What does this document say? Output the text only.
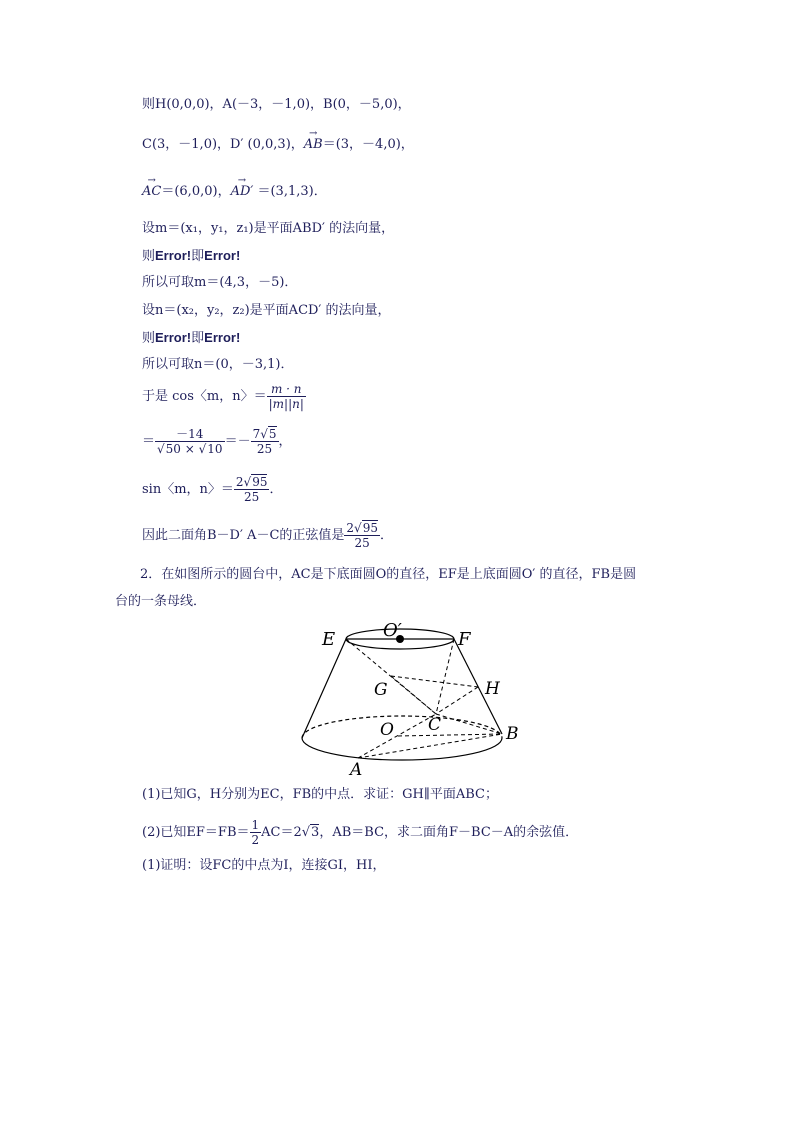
则H(0,0,0)，A(－3，－1,0)，B(0，－5,0)，
C(3，－1,0)，D′ (0,0,3)，→ AB＝(3，－4,0)，
→ AC＝(6,0,0)，→ AD′ ＝(3,1,3)．
设m＝(x₁，y₁，z₁)是平面ABD′ 的法向量，
则Error!即Error!
所以可取m＝(4,3，－5)．
设n＝(x₂，y₂，z₂)是平面ACD′ 的法向量，
则Error!即Error!
所以可取n＝(0，－3,1)．
于是 cos〈m，n〉＝ $\frac{m \cdot n}{|m||n|}$
＝ $\frac{-14}{√50 \times √10} =- \frac{7√5}{25}$ ，
sin〈m，n〉＝ $\frac{2√95}{25}$ ．
因此二面角B－D′ A－C的正弦值是 $\frac{2√95}{25}$ ．
2．在如图所示的圆台中，AC是下底面圆O的直径，EF是上底面圆O′ 的直径，FB是圆
台的一条母线．
E	O′	F
G	H
O C	B
A
(1)已知G，H分别为EC，FB的中点．求证：GH∥平面ABC；
(2)已知$EF=FB= \frac{1}{2} AC=2√3$，AB＝BC，求二面角F－BC－A的余弦值．
(1)证明：设FC的中点为I，连接GI，HI，
